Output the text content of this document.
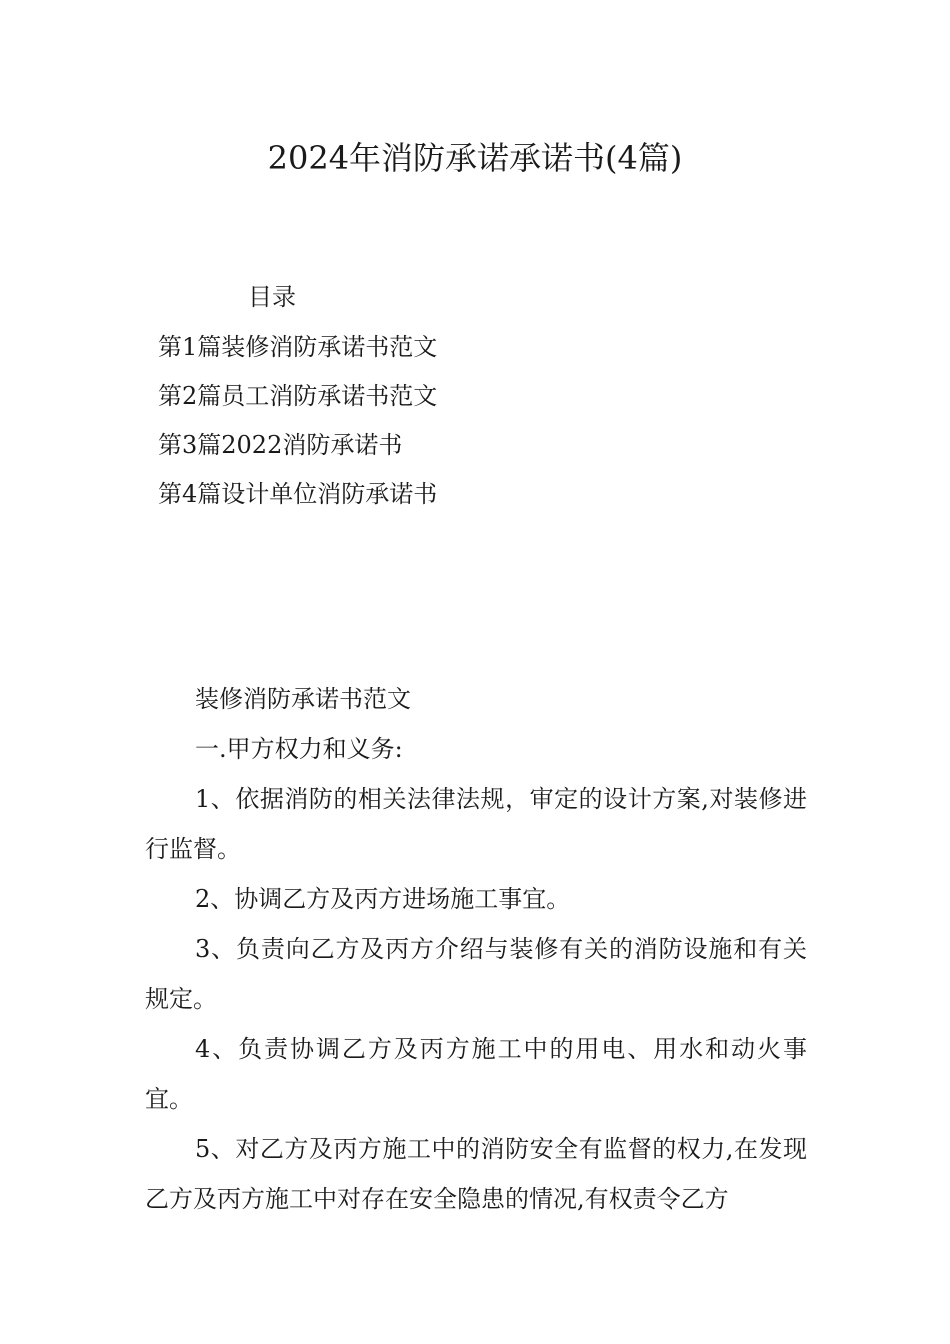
2024年消防承诺承诺书(4篇)
目录
第1篇装修消防承诺书范文
第2篇员工消防承诺书范文
第3篇2022消防承诺书
第4篇设计单位消防承诺书

装修消防承诺书范文

一.甲方权力和义务:

1、依据消防的相关法律法规，审定的设计方案,对装修进行监督。

2、协调乙方及丙方进场施工事宜。

3、负责向乙方及丙方介绍与装修有关的消防设施和有关规定。

4、负责协调乙方及丙方施工中的用电、用水和动火事宜。

5、对乙方及丙方施工中的消防安全有监督的权力,在发现乙方及丙方施工中对存在安全隐患的情况,有权责令乙方
